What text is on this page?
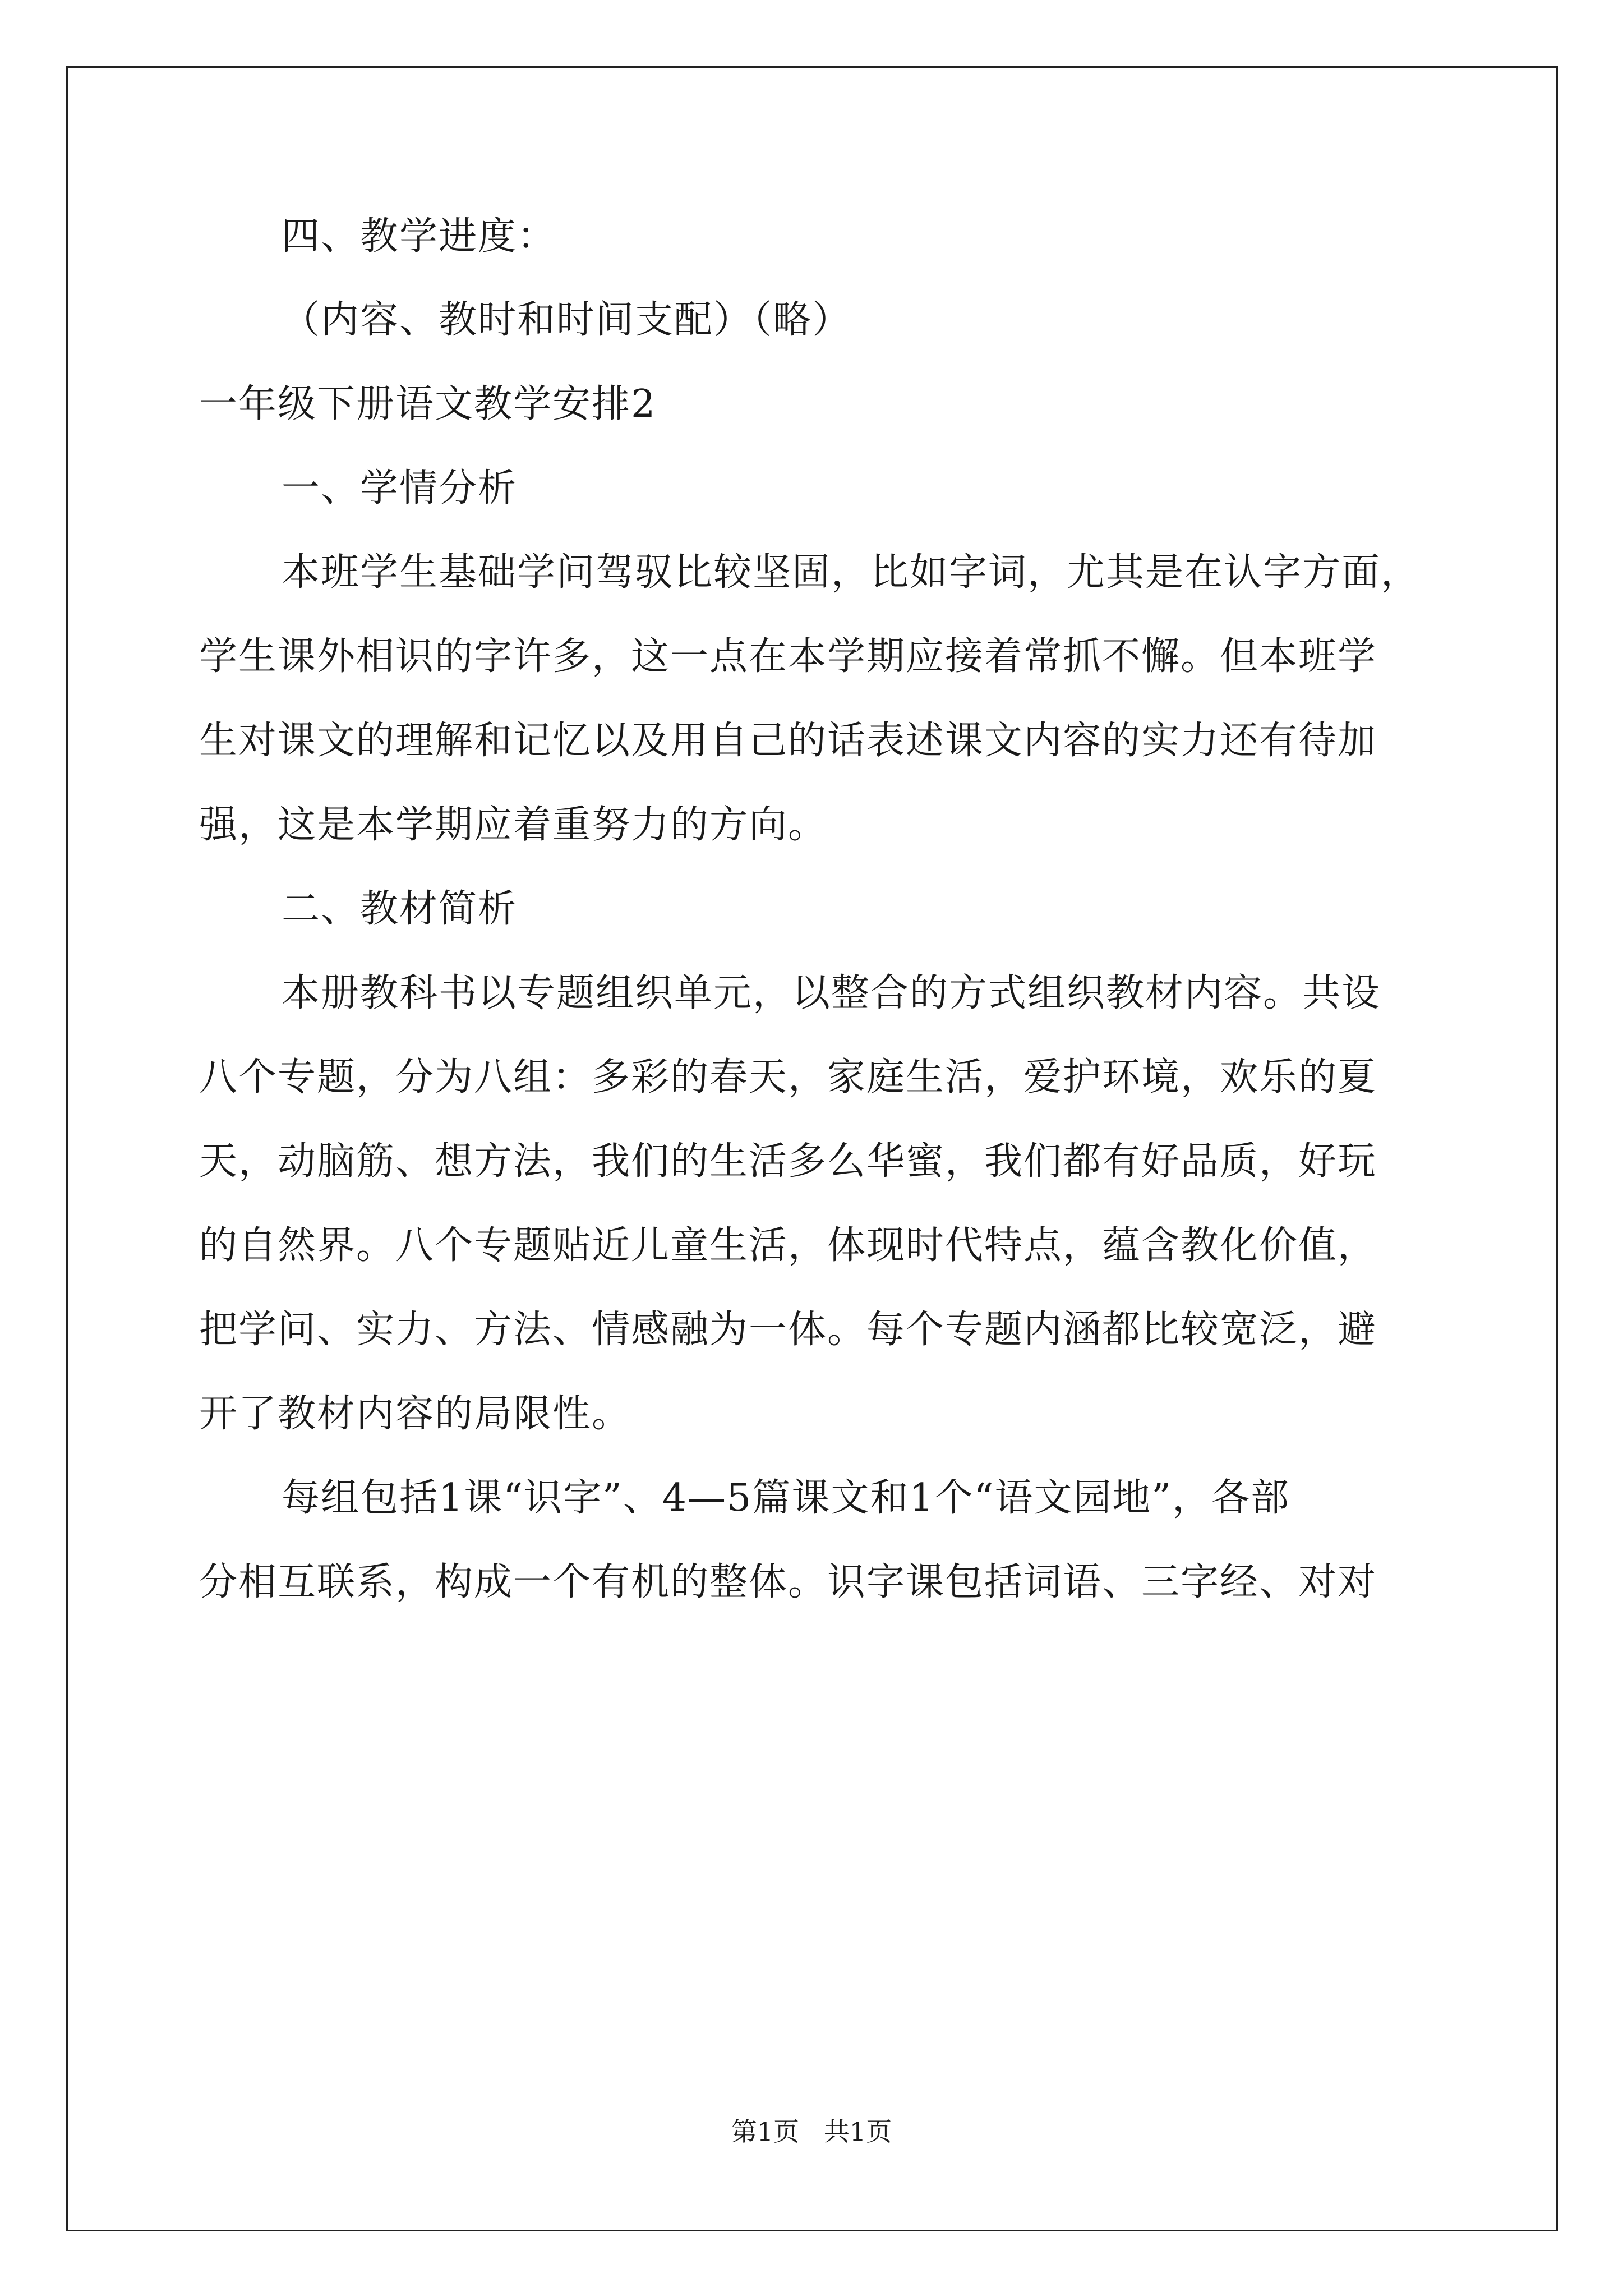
四、教学进度：

（内容、教时和时间支配）（略）

一年级下册语文教学安排2

一、学情分析

本班学生基础学问驾驭比较坚固，比如字词，尤其是在认字方面，

学生课外相识的字许多，这一点在本学期应接着常抓不懈。但本班学

生对课文的理解和记忆以及用自己的话表述课文内容的实力还有待加

强，这是本学期应着重努力的方向。

二、教材简析

本册教科书以专题组织单元，以整合的方式组织教材内容。共设

八个专题，分为八组：多彩的春天，家庭生活，爱护环境，欢乐的夏

天，动脑筋、想方法，我们的生活多么华蜜，我们都有好品质，好玩

的自然界。八个专题贴近儿童生活，体现时代特点，蕴含教化价值，

把学问、实力、方法、情感融为一体。每个专题内涵都比较宽泛，避

开了教材内容的局限性。

每组包括1课“识字”、4—5篇课文和1个“语文园地”，各部

分相互联系，构成一个有机的整体。识字课包括词语、三字经、对对

第1页   共1页
